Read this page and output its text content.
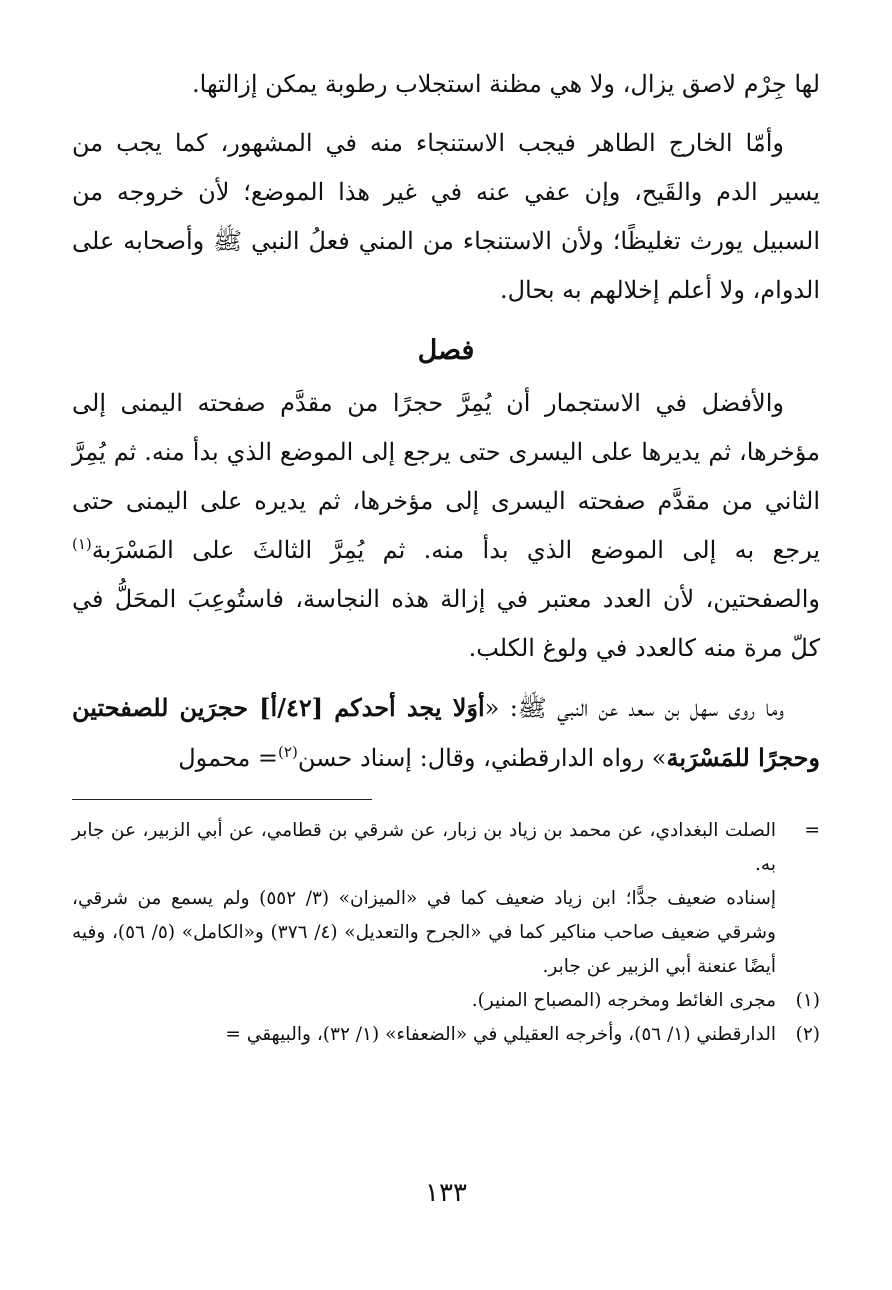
لها جِرْم لاصق يزال، ولا هي مظنة استجلاب رطوبة يمكن إزالتها.

وأمّا الخارج الطاهر فيجب الاستنجاء منه في المشهور، كما يجب من يسير الدم والقَيح، وإن عفي عنه في غير هذا الموضع؛ لأن خروجه من السبيل يورث تغليظًا؛ ولأن الاستنجاء من المني فعلُ النبي ﷺ وأصحابه على الدوام، ولا أعلم إخلالهم به بحال.

فصل

والأفضل في الاستجمار أن يُمِرَّ حجرًا من مقدَّم صفحته اليمنى إلى مؤخرها، ثم يديرها على اليسرى حتى يرجع إلى الموضع الذي بدأ منه. ثم يُمِرَّ الثاني من مقدَّم صفحته اليسرى إلى مؤخرها، ثم يديره على اليمنى حتى يرجع به إلى الموضع الذي بدأ منه. ثم يُمِرَّ الثالثَ على المَسْرَبة$^{(١)}$ والصفحتين، لأن العدد معتبر في إزالة هذه النجاسة، فاستُوعِبَ المحَلُّ في كلّ مرة منه كالعدد في ولوغ الكلب.

وما روى سهل بن سعد عن النبي ﷺ: «أوَلا يجد أحدكم [٤٢/أ] حجرَين للصفحتين وحجرًا للمَسْرَبة» رواه الدارقطني، وقال: إسناد حسن$^{(٢)}$= محمول

=
الصلت البغدادي، عن محمد بن زياد بن زبار، عن شرقي بن قطامي، عن أبي الزبير، عن جابر به.

إسناده ضعيف جدًّا؛ ابن زياد ضعيف كما في «الميزان» (٣/ ٥٥٢) ولم يسمع من شرقي، وشرقي ضعيف صاحب مناكير كما في «الجرح والتعديل» (٤/ ٣٧٦) و«الكامل» (٥/ ٥٦)، وفيه أيضًا عنعنة أبي الزبير عن جابر.

(١)
مجرى الغائط ومخرجه (المصباح المنير).

(٢)
الدارقطني (١/ ٥٦)، وأخرجه العقيلي في «الضعفاء» (١/ ٣٢)، والبيهقي =

١٣٣
